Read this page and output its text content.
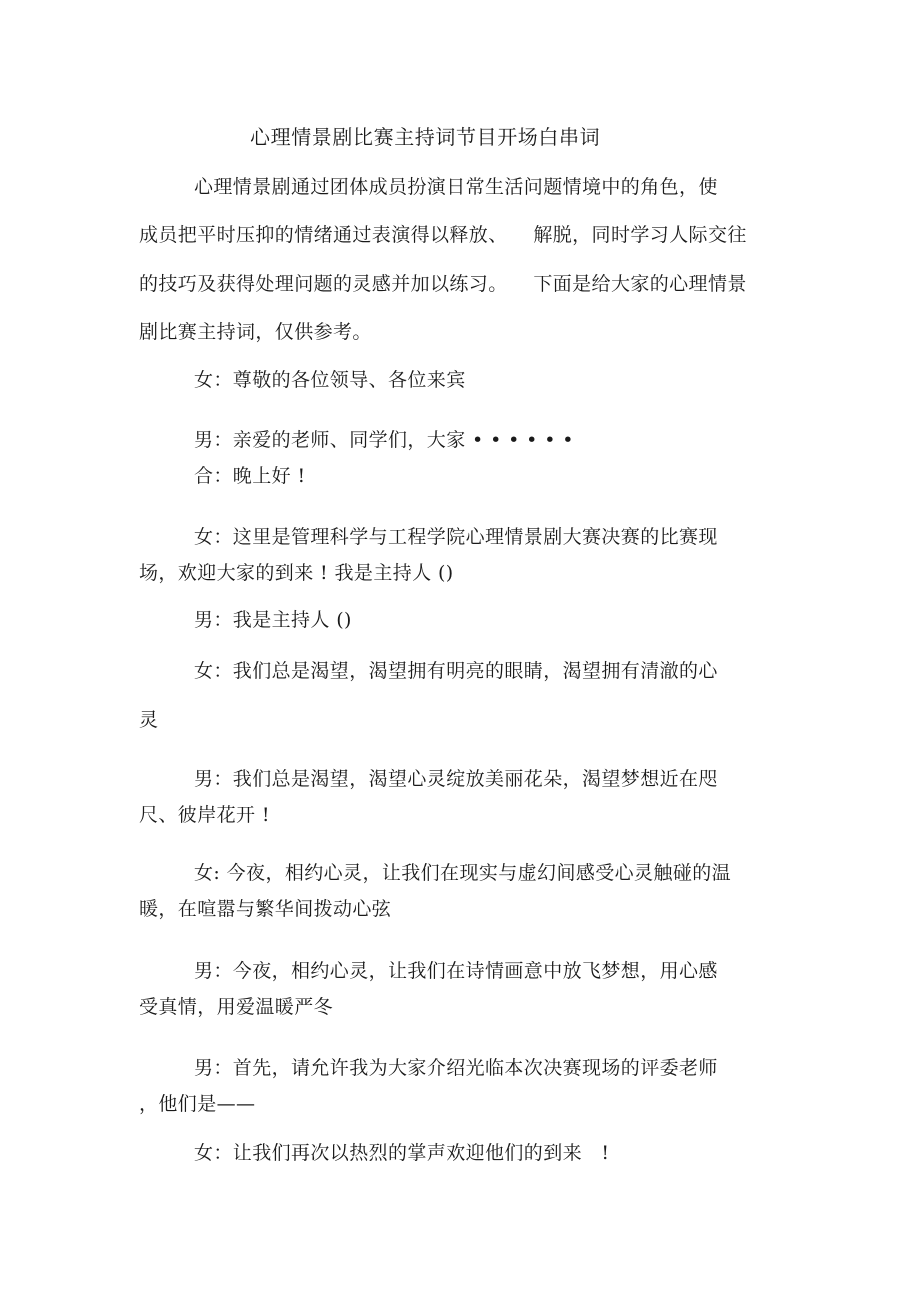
心理情景剧比赛主持词节目开场白串词

心理情景剧通过团体成员扮演日常生活问题情境中的角色，使

成员把平时压抑的情绪通过表演得以释放、    解脱，同时学习人际交往

的技巧及获得处理问题的灵感并加以练习。    下面是给大家的心理情景

剧比赛主持词，仅供参考。

女：尊敬的各位领导、各位来宾

男：亲爱的老师、同学们，大家 • • • • • •

合：晚上好 !

女：这里是管理科学与工程学院心理情景剧大赛决赛的比赛现

场，欢迎大家的到来 ! 我是主持人 ()

男：我是主持人 ()

女：我们总是渴望，渴望拥有明亮的眼睛，渴望拥有清澈的心

灵

男：我们总是渴望，渴望心灵绽放美丽花朵，渴望梦想近在咫

尺、彼岸花开 !

女: 今夜，相约心灵，让我们在现实与虚幻间感受心灵触碰的温

暖，在喧嚣与繁华间拨动心弦

男：今夜，相约心灵，让我们在诗情画意中放飞梦想，用心感

受真情，用爱温暖严冬

男：首先，请允许我为大家介绍光临本次决赛现场的评委老师

，他们是——

女：让我们再次以热烈的掌声欢迎他们的到来   !
